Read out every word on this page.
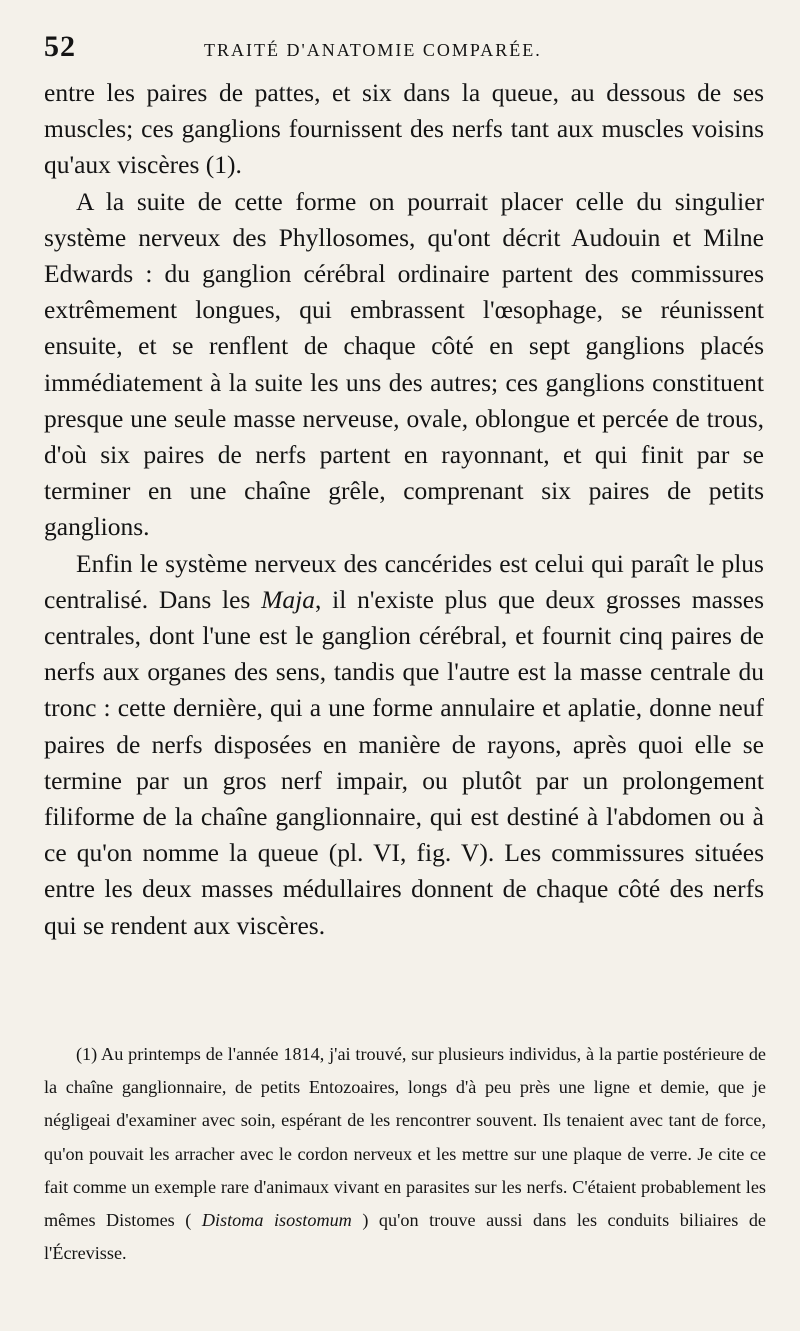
52	TRAITÉ D'ANATOMIE COMPARÉE.

entre les paires de pattes, et six dans la queue, au dessous de ses muscles; ces ganglions fournissent des nerfs tant aux muscles voisins qu'aux viscères (1).

A la suite de cette forme on pourrait placer celle du singulier système nerveux des Phyllosomes, qu'ont décrit Audouin et Milne Edwards : du ganglion cérébral ordinaire partent des commissures extrêmement longues, qui embrassent l'œsophage, se réunissent ensuite, et se renflent de chaque côté en sept ganglions placés immédiatement à la suite les uns des autres; ces ganglions constituent presque une seule masse nerveuse, ovale, oblongue et percée de trous, d'où six paires de nerfs partent en rayonnant, et qui finit par se terminer en une chaîne grêle, comprenant six paires de petits ganglions.

Enfin le système nerveux des cancérides est celui qui paraît le plus centralisé. Dans les Maja, il n'existe plus que deux grosses masses centrales, dont l'une est le ganglion cérébral, et fournit cinq paires de nerfs aux organes des sens, tandis que l'autre est la masse centrale du tronc : cette dernière, qui a une forme annulaire et aplatie, donne neuf paires de nerfs disposées en manière de rayons, après quoi elle se termine par un gros nerf impair, ou plutôt par un prolongement filiforme de la chaîne ganglionnaire, qui est destiné à l'abdomen ou à ce qu'on nomme la queue (pl. VI, fig. V). Les commissures situées entre les deux masses médullaires donnent de chaque côté des nerfs qui se rendent aux viscères.

(1) Au printemps de l'année 1814, j'ai trouvé, sur plusieurs individus, à la partie postérieure de la chaîne ganglionnaire, de petits Entozoaires, longs d'à peu près une ligne et demie, que je négligeai d'examiner avec soin, espérant de les rencontrer souvent. Ils tenaient avec tant de force, qu'on pouvait les arracher avec le cordon nerveux et les mettre sur une plaque de verre. Je cite ce fait comme un exemple rare d'animaux vivant en parasites sur les nerfs. C'étaient probablement les mêmes Distomes ( Distoma isostomum ) qu'on trouve aussi dans les conduits biliaires de l'Écrevisse.
